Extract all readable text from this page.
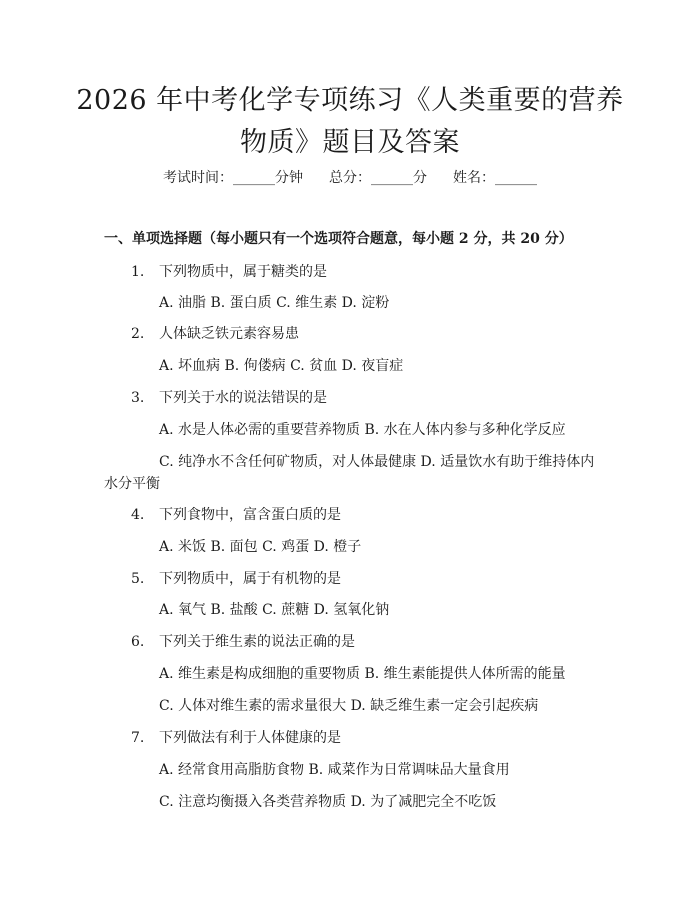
2026 年中考化学专项练习《人类重要的营养
物质》题目及答案
考试时间：______分钟 总分：______分 姓名：______
一、单项选择题（每小题只有一个选项符合题意，每小题 2 分，共 20 分）
1. 下列物质中，属于糖类的是
A. 油脂 B. 蛋白质 C. 维生素 D. 淀粉
2. 人体缺乏铁元素容易患
A. 坏血病 B. 佝偻病 C. 贫血 D. 夜盲症
3. 下列关于水的说法错误的是
A. 水是人体必需的重要营养物质 B. 水在人体内参与多种化学反应
C. 纯净水不含任何矿物质，对人体最健康 D. 适量饮水有助于维持体内
水分平衡
4. 下列食物中，富含蛋白质的是
A. 米饭 B. 面包 C. 鸡蛋 D. 橙子
5. 下列物质中，属于有机物的是
A. 氧气 B. 盐酸 C. 蔗糖 D. 氢氧化钠
6. 下列关于维生素的说法正确的是
A. 维生素是构成细胞的重要物质 B. 维生素能提供人体所需的能量
C. 人体对维生素的需求量很大 D. 缺乏维生素一定会引起疾病
7. 下列做法有利于人体健康的是
A. 经常食用高脂肪食物 B. 咸菜作为日常调味品大量食用
C. 注意均衡摄入各类营养物质 D. 为了减肥完全不吃饭
